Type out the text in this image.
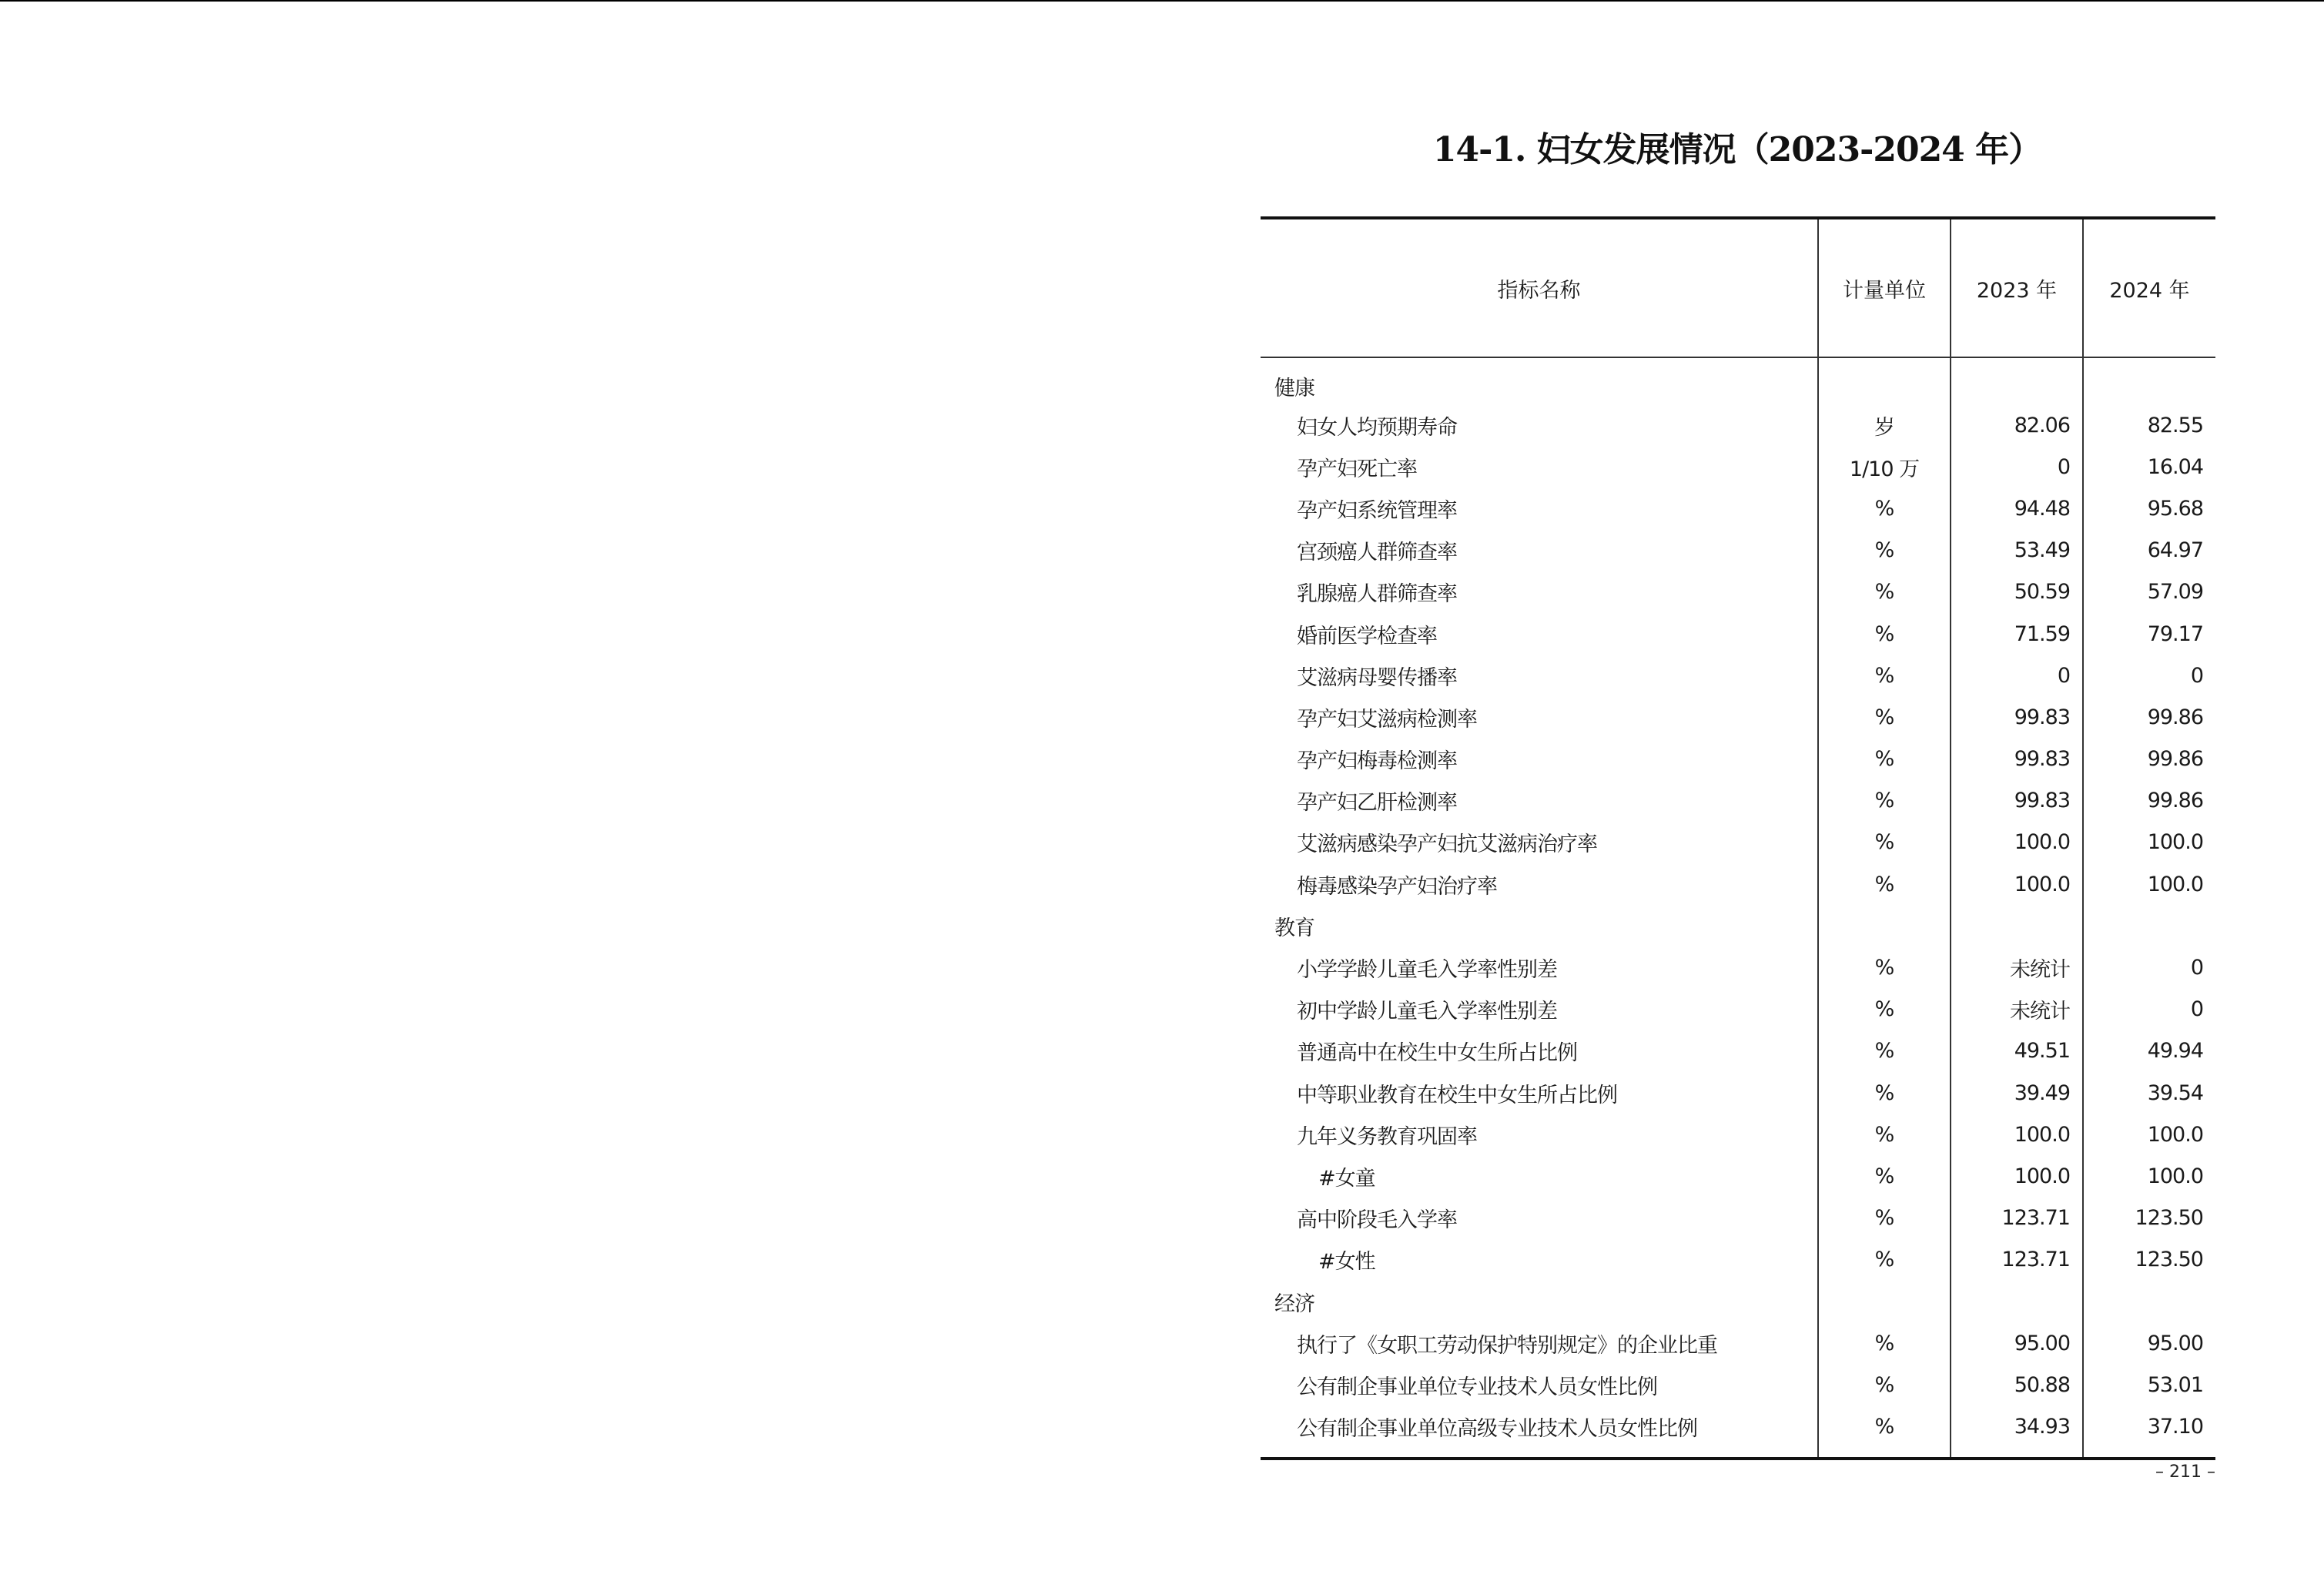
14-1. 妇女发展情况（2023-2024 年）
指标名称	计量单位	2023 年	2024 年
健康			
妇女人均预期寿命	岁	82.06	82.55
孕产妇死亡率	1/10 万	0	16.04
孕产妇系统管理率	%	94.48	95.68
宫颈癌人群筛查率	%	53.49	64.97
乳腺癌人群筛查率	%	50.59	57.09
婚前医学检查率	%	71.59	79.17
艾滋病母婴传播率	%	0	0
孕产妇艾滋病检测率	%	99.83	99.86
孕产妇梅毒检测率	%	99.83	99.86
孕产妇乙肝检测率	%	99.83	99.86
艾滋病感染孕产妇抗艾滋病治疗率	%	100.0	100.0
梅毒感染孕产妇治疗率	%	100.0	100.0
教育			
小学学龄儿童毛入学率性别差	%	未统计	0
初中学龄儿童毛入学率性别差	%	未统计	0
普通高中在校生中女生所占比例	%	49.51	49.94
中等职业教育在校生中女生所占比例	%	39.49	39.54
九年义务教育巩固率	%	100.0	100.0
#女童	%	100.0	100.0
高中阶段毛入学率	%	123.71	123.50
#女性	%	123.71	123.50
经济			
执行了《女职工劳动保护特别规定》的企业比重	%	95.00	95.00
公有制企事业单位专业技术人员女性比例	%	50.88	53.01
公有制企事业单位高级专业技术人员女性比例	%	34.93	37.10
– 211 –
